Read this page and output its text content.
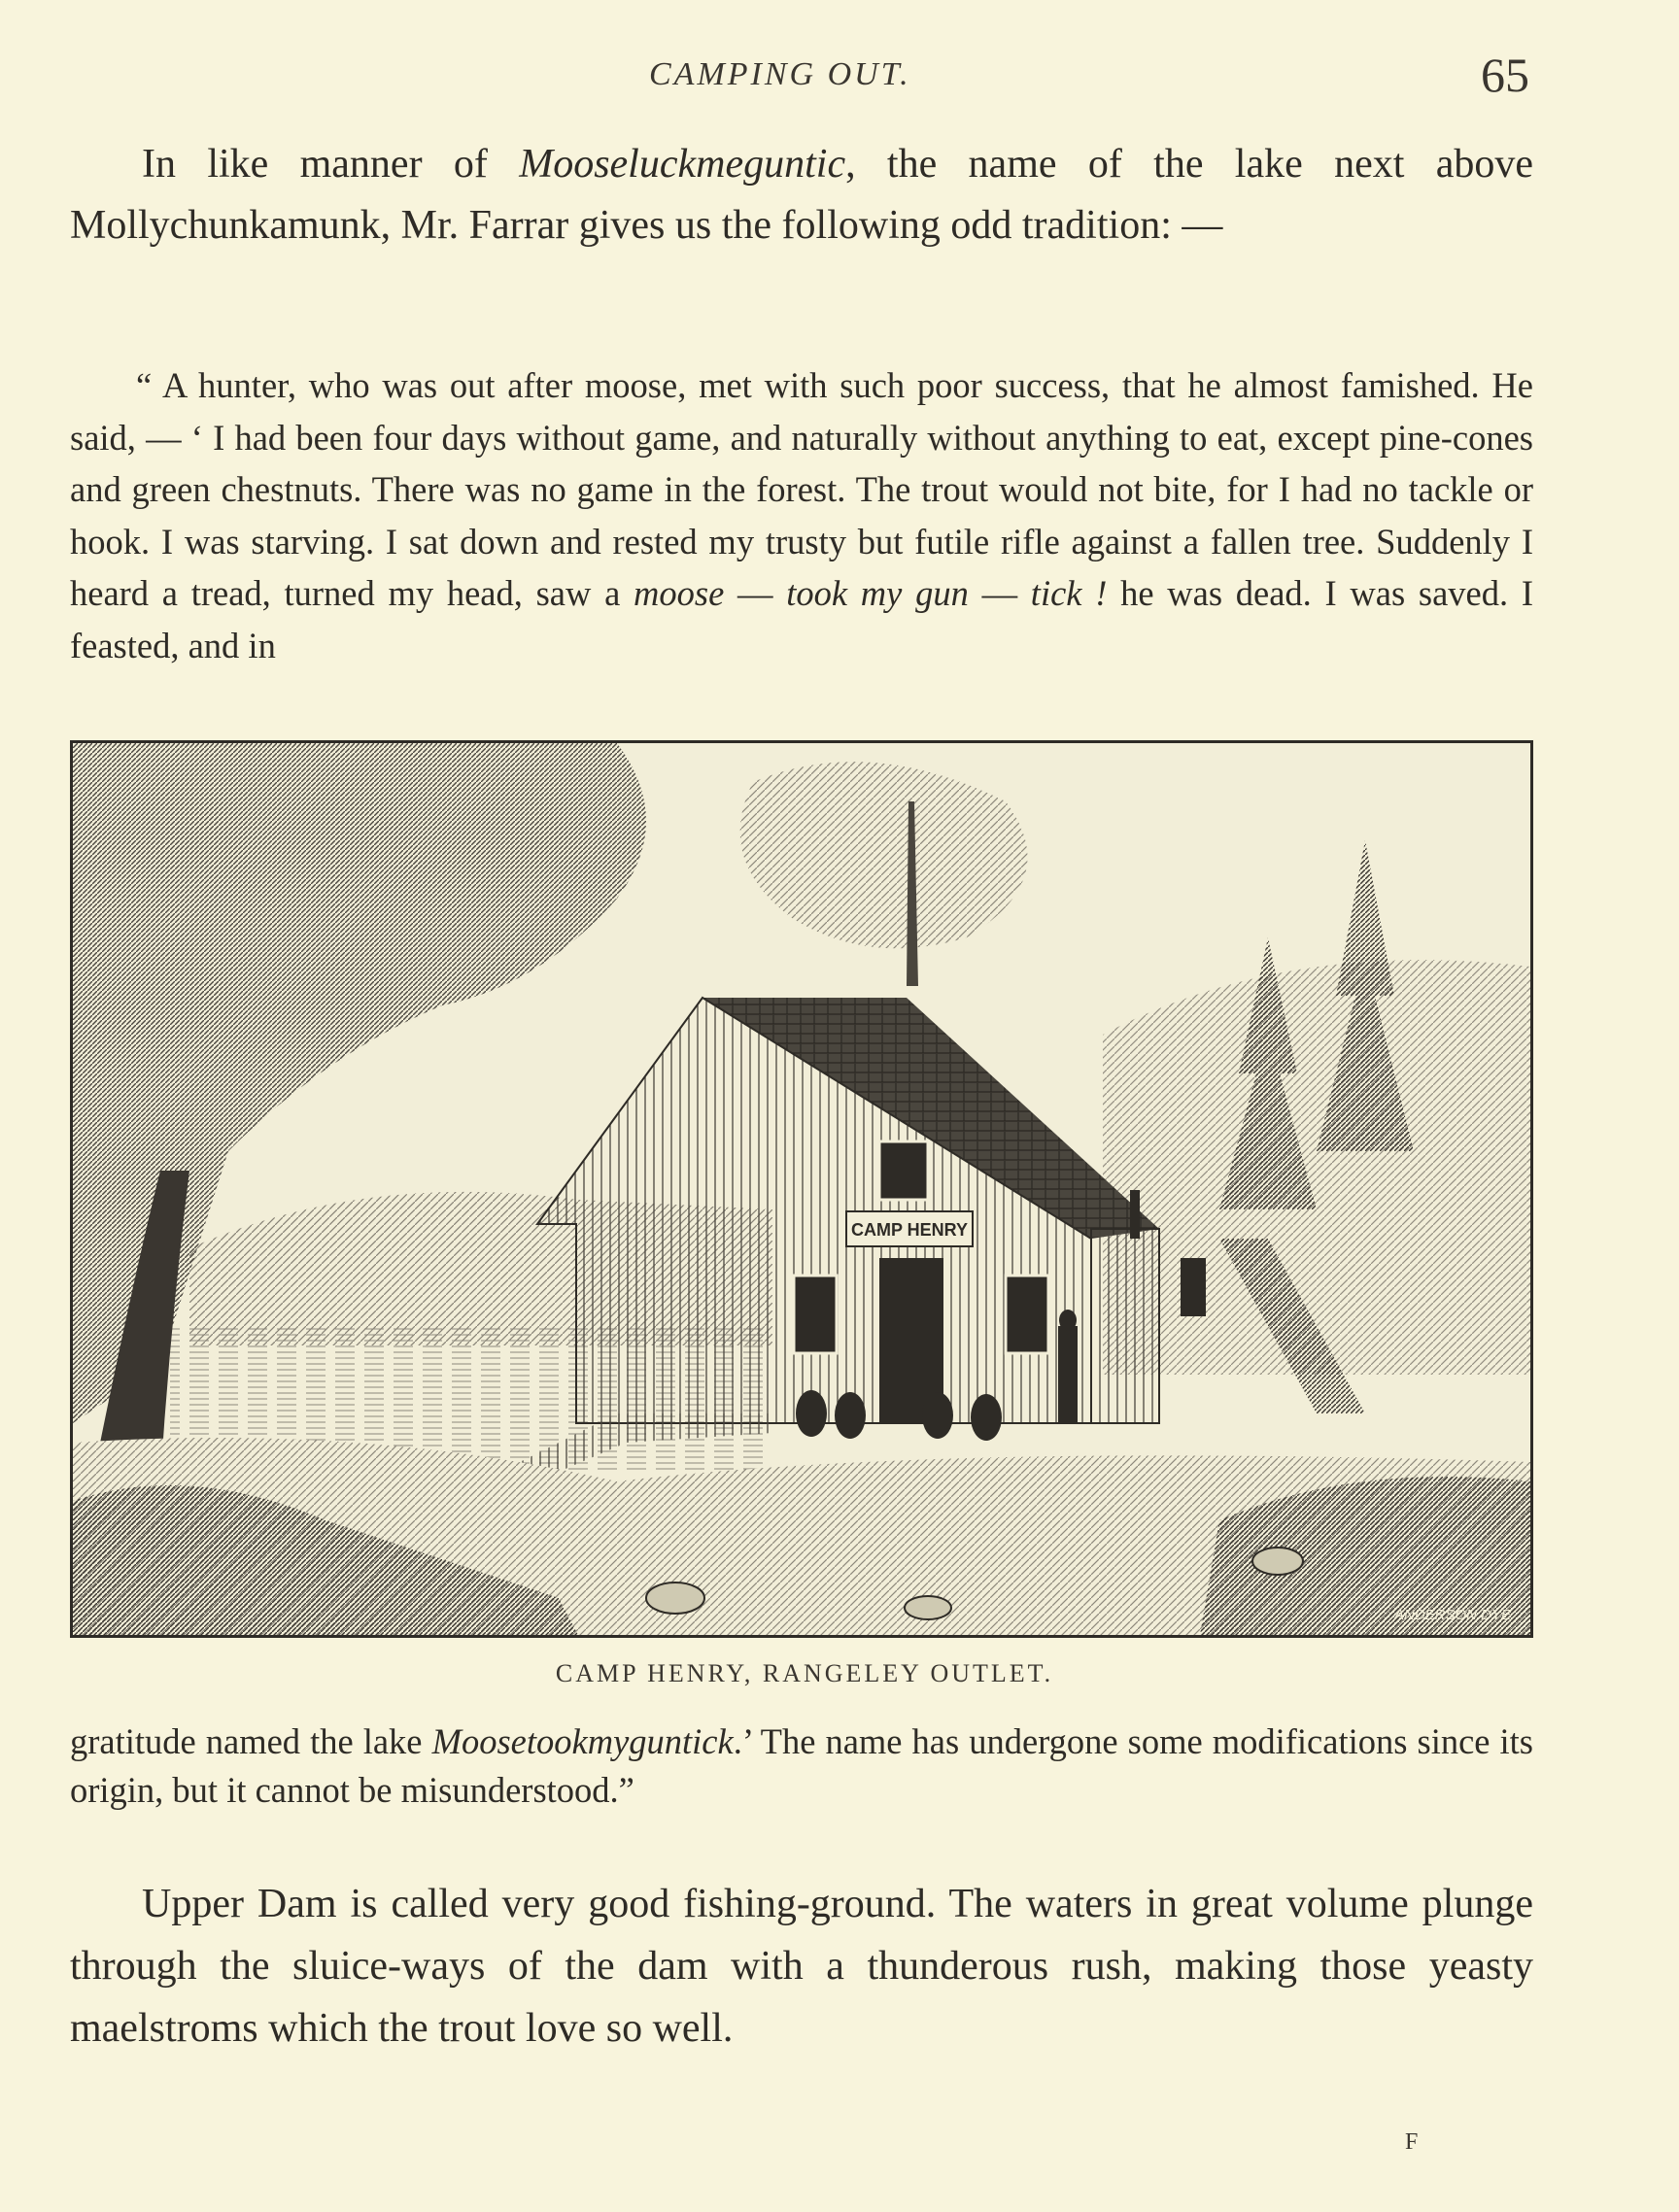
CAMPING OUT.	65

In like manner of Mooseluckmeguntic, the name of the lake next above Mollychunkamunk, Mr. Farrar gives us the following odd tradition: —

“ A hunter, who was out after moose, met with such poor success, that he almost famished. He said, — ‘ I had been four days without game, and naturally without anything to eat, except pine-cones and green chestnuts. There was no game in the forest. The trout would not bite, for I had no tackle or hook. I was starving. I sat down and rested my trusty but futile rifle against a fallen tree. Suddenly I heard a tread, turned my head, saw a moose — took my gun — tick ! he was dead. I was saved. I feasted, and in

CAMP HENRY
ANDERSON DYE
CAMP HENRY, RANGELEY OUTLET.

gratitude named the lake Moosetookmyguntick.’ The name has undergone some modifications since its origin, but it cannot be misunderstood.”

Upper Dam is called very good fishing-ground. The waters in great volume plunge through the sluice-ways of the dam with a thunderous rush, making those yeasty maelstroms which the trout love so well.

F
